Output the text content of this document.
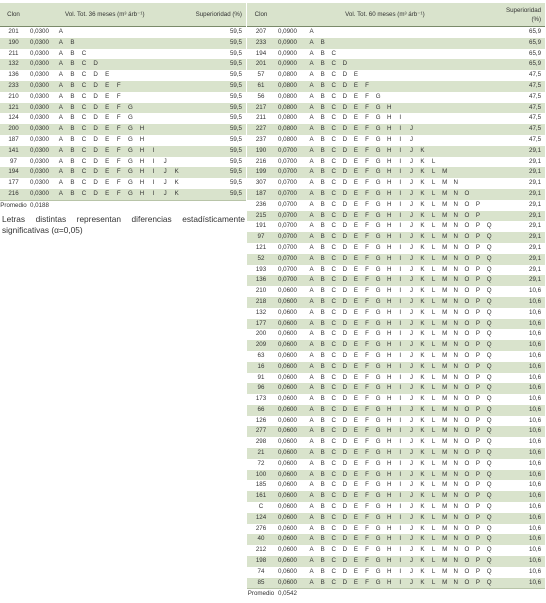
Clon	Vol. Tot. 36 meses (m³ árb⁻¹)												Superioridad (%)
201	0,0300	A											59,5
190	0,0300	A	B										59,5
211	0,0300	A	B	C									59,5
132	0,0300	A	B	C	D								59,5
136	0,0300	A	B	C	D	E							59,5
233	0,0300	A	B	C	D	E	F						59,5
210	0,0300	A	B	C	D	E	F						59,5
121	0,0300	A	B	C	D	E	F	G					59,5
124	0,0300	A	B	C	D	E	F	G					59,5
200	0,0300	A	B	C	D	E	F	G	H				59,5
187	0,0300	A	B	C	D	E	F	G	H				59,5
141	0,0300	A	B	C	D	E	F	G	H	I			59,5
97	0,0300	A	B	C	D	E	F	G	H	I	J		59,5
194	0,0300	A	B	C	D	E	F	G	H	I	J	K	59,5
177	0,0300	A	B	C	D	E	F	G	H	I	J	K	59,5
216	0,0300	A	B	C	D	E	F	G	H	I	J	K	59,5
Promedio	0,0188												
Letras distintas representan diferencias estadísticamente significativas (α=0,05)
Clon	Vol. Tot. 60 meses (m³ árb⁻¹)																		Superioridad (%)
207	0,0900	A																	65,9
233	0,0900	A	B																65,9
194	0,0900	A	B	C															65,9
201	0,0900	A	B	C	D														65,9
57	0,0800	A	B	C	D	E													47,5
61	0,0800	A	B	C	D	E	F												47,5
56	0,0800	A	B	C	D	E	F	G											47,5
217	0,0800	A	B	C	D	E	F	G	H										47,5
211	0,0800	A	B	C	D	E	F	G	H	I									47,5
227	0,0800	A	B	C	D	E	F	G	H	I	J								47,5
237	0,0800	A	B	C	D	E	F	G	H	I	J								47,5
190	0,0700	A	B	C	D	E	F	G	H	I	J	K							29,1
216	0,0700	A	B	C	D	E	F	G	H	I	J	K	L						29,1
199	0,0700	A	B	C	D	E	F	G	H	I	J	K	L	M					29,1
307	0,0700	A	B	C	D	E	F	G	H	I	J	K	L	M	N				29,1
187	0,0700	A	B	C	D	E	F	G	H	I	J	K	L	M	N	O			29,1
236	0,0700	A	B	C	D	E	F	G	H	I	J	K	L	M	N	O	P		29,1
215	0,0700	A	B	C	D	E	F	G	H	I	J	K	L	M	N	O	P		29,1
191	0,0700	A	B	C	D	E	F	G	H	I	J	K	L	M	N	O	P	Q	29,1
97	0,0700	A	B	C	D	E	F	G	H	I	J	K	L	M	N	O	P	Q	29,1
121	0,0700	A	B	C	D	E	F	G	H	I	J	K	L	M	N	O	P	Q	29,1
52	0,0700	A	B	C	D	E	F	G	H	I	J	K	L	M	N	O	P	Q	29,1
193	0,0700	A	B	C	D	E	F	G	H	I	J	K	L	M	N	O	P	Q	29,1
136	0,0700	A	B	C	D	E	F	G	H	I	J	K	L	M	N	O	P	Q	29,1
210	0,0600	A	B	C	D	E	F	G	H	I	J	K	L	M	N	O	P	Q	10,6
218	0,0600	A	B	C	D	E	F	G	H	I	J	K	L	M	N	O	P	Q	10,6
132	0,0600	A	B	C	D	E	F	G	H	I	J	K	L	M	N	O	P	Q	10,6
177	0,0600	A	B	C	D	E	F	G	H	I	J	K	L	M	N	O	P	Q	10,6
200	0,0600	A	B	C	D	E	F	G	H	I	J	K	L	M	N	O	P	Q	10,6
209	0,0600	A	B	C	D	E	F	G	H	I	J	K	L	M	N	O	P	Q	10,6
63	0,0600	A	B	C	D	E	F	G	H	I	J	K	L	M	N	O	P	Q	10,6
16	0,0600	A	B	C	D	E	F	G	H	I	J	K	L	M	N	O	P	Q	10,6
91	0,0600	A	B	C	D	E	F	G	H	I	J	K	L	M	N	O	P	Q	10,6
96	0,0600	A	B	C	D	E	F	G	H	I	J	K	L	M	N	O	P	Q	10,6
173	0,0600	A	B	C	D	E	F	G	H	I	J	K	L	M	N	O	P	Q	10,6
66	0,0600	A	B	C	D	E	F	G	H	I	J	K	L	M	N	O	P	Q	10,6
126	0,0600	A	B	C	D	E	F	G	H	I	J	K	L	M	N	O	P	Q	10,6
277	0,0600	A	B	C	D	E	F	G	H	I	J	K	L	M	N	O	P	Q	10,6
298	0,0600	A	B	C	D	E	F	G	H	I	J	K	L	M	N	O	P	Q	10,6
21	0,0600	A	B	C	D	E	F	G	H	I	J	K	L	M	N	O	P	Q	10,6
72	0,0600	A	B	C	D	E	F	G	H	I	J	K	L	M	N	O	P	Q	10,6
100	0,0600	A	B	C	D	E	F	G	H	I	J	K	L	M	N	O	P	Q	10,6
185	0,0600	A	B	C	D	E	F	G	H	I	J	K	L	M	N	O	P	Q	10,6
161	0,0600	A	B	C	D	E	F	G	H	I	J	K	L	M	N	O	P	Q	10,6
C	0,0600	A	B	C	D	E	F	G	H	I	J	K	L	M	N	O	P	Q	10,6
124	0,0600	A	B	C	D	E	F	G	H	I	J	K	L	M	N	O	P	Q	10,6
276	0,0600	A	B	C	D	E	F	G	H	I	J	K	L	M	N	O	P	Q	10,6
40	0,0600	A	B	C	D	E	F	G	H	I	J	K	L	M	N	O	P	Q	10,6
212	0,0600	A	B	C	D	E	F	G	H	I	J	K	L	M	N	O	P	Q	10,6
198	0,0600	A	B	C	D	E	F	G	H	I	J	K	L	M	N	O	P	Q	10,6
74	0,0600	A	B	C	D	E	F	G	H	I	J	K	L	M	N	O	P	Q	10,6
85	0,0600	A	B	C	D	E	F	G	H	I	J	K	L	M	N	O	P	Q	10,6
Promedio	0,0542																		
